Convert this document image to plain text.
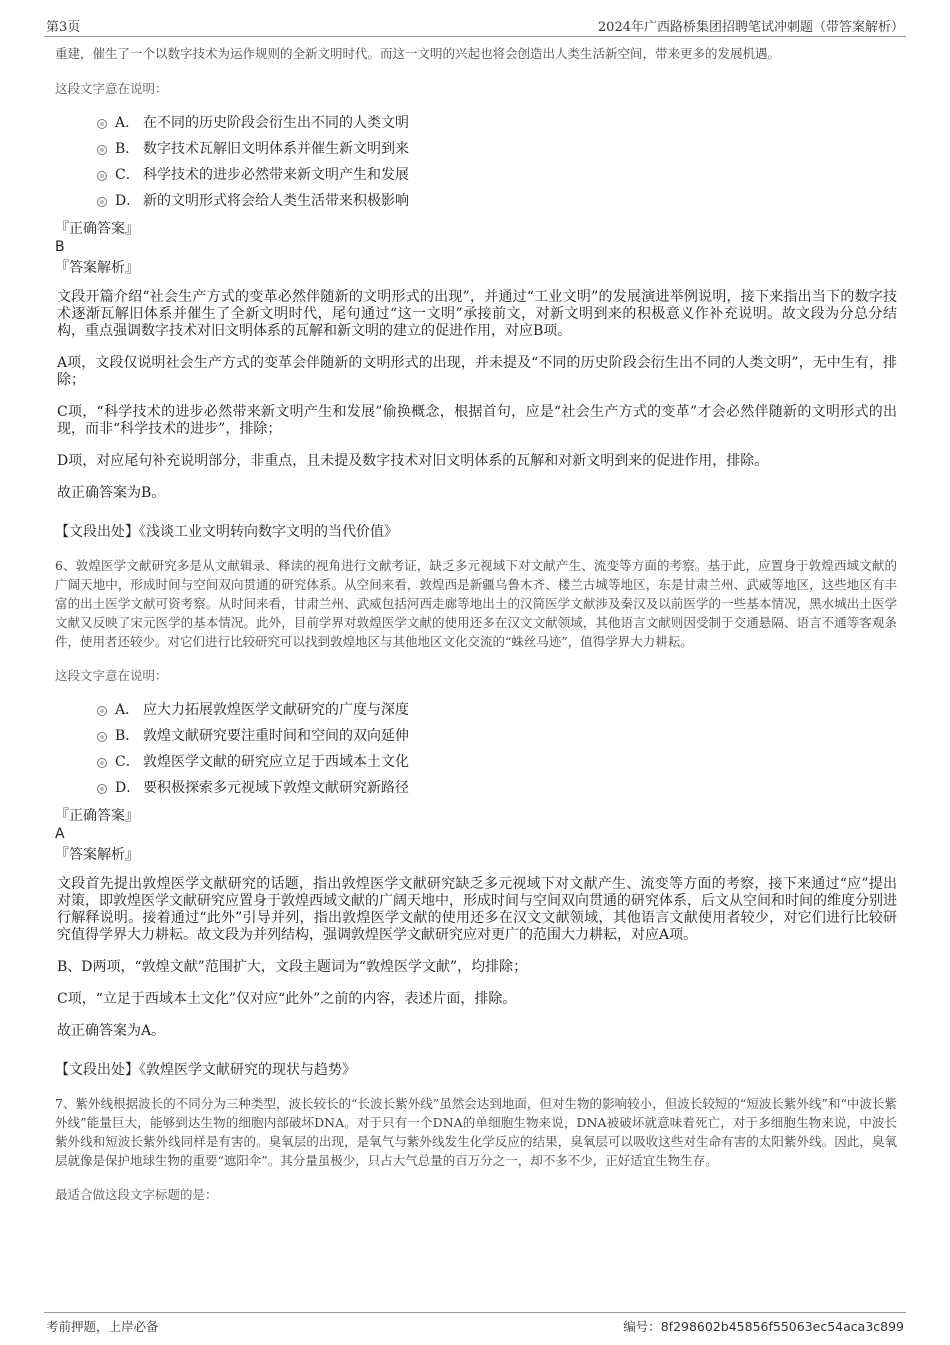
第3页	2024年广西路桥集团招聘笔试冲刺题（带答案解析）

重建，催生了一个以数字技术为运作规则的全新文明时代。而这一文明的兴起也将会创造出人类生活新空间，带来更多的发展机遇。

这段文字意在说明：

A． 在不同的历史阶段会衍生出不同的人类文明
B． 数字技术瓦解旧文明体系并催生新文明到来
C． 科学技术的进步必然带来新文明产生和发展
D． 新的文明形式将会给人类生活带来积极影响

『正确答案』

B

『答案解析』

文段开篇介绍“社会生产方式的变革必然伴随新的文明形式的出现”，并通过“工业文明”的发展演进举例说明，接下来指出当下的数字技术逐渐瓦解旧体系并催生了全新文明时代，尾句通过“这一文明”承接前文，对新文明到来的积极意义作补充说明。故文段为分总分结构，重点强调数字技术对旧文明体系的瓦解和新文明的建立的促进作用，对应B项。

A项，文段仅说明社会生产方式的变革会伴随新的文明形式的出现，并未提及“不同的历史阶段会衍生出不同的人类文明”，无中生有，排除；

C项，“科学技术的进步必然带来新文明产生和发展”偷换概念，根据首句，应是“社会生产方式的变革”才会必然伴随新的文明形式的出现，而非“科学技术的进步”，排除；

D项，对应尾句补充说明部分，非重点，且未提及数字技术对旧文明体系的瓦解和对新文明到来的促进作用，排除。

故正确答案为B。

【文段出处】《浅谈工业文明转向数字文明的当代价值》

6、敦煌医学文献研究多是从文献辑录、释读的视角进行文献考证，缺乏多元视域下对文献产生、流变等方面的考察。基于此，应置身于敦煌西域文献的广阔天地中，形成时间与空间双向贯通的研究体系。从空间来看，敦煌西是新疆乌鲁木齐、楼兰古城等地区，东是甘肃兰州、武威等地区，这些地区有丰富的出土医学文献可资考察。从时间来看，甘肃兰州、武威包括河西走廊等地出土的汉简医学文献涉及秦汉及以前医学的一些基本情况，黑水城出土医学文献又反映了宋元医学的基本情况。此外，目前学界对敦煌医学文献的使用还多在汉文文献领域，其他语言文献则因受制于交通悬隔、语言不通等客观条件，使用者还较少。对它们进行比较研究可以找到敦煌地区与其他地区文化交流的“蛛丝马迹”，值得学界大力耕耘。

这段文字意在说明：

A． 应大力拓展敦煌医学文献研究的广度与深度
B． 敦煌文献研究要注重时间和空间的双向延伸
C． 敦煌医学文献的研究应立足于西域本土文化
D． 要积极探索多元视域下敦煌文献研究新路径

『正确答案』

A

『答案解析』

文段首先提出敦煌医学文献研究的话题，指出敦煌医学文献研究缺乏多元视域下对文献产生、流变等方面的考察，接下来通过“应”提出对策，即敦煌医学文献研究应置身于敦煌西域文献的广阔天地中，形成时间与空间双向贯通的研究体系，后文从空间和时间的维度分别进行解释说明。接着通过“此外”引导并列，指出敦煌医学文献的使用还多在汉文文献领域，其他语言文献使用者较少，对它们进行比较研究值得学界大力耕耘。故文段为并列结构，强调敦煌医学文献研究应对更广的范围大力耕耘，对应A项。

B、D两项，“敦煌文献”范围扩大，文段主题词为“敦煌医学文献”，均排除；

C项，“立足于西域本土文化”仅对应“此外”之前的内容，表述片面，排除。

故正确答案为A。

【文段出处】《敦煌医学文献研究的现状与趋势》

7、紫外线根据波长的不同分为三种类型，波长较长的“长波长紫外线”虽然会达到地面，但对生物的影响较小，但波长较短的“短波长紫外线”和“中波长紫外线”能量巨大，能够到达生物的细胞内部破坏DNA。对于只有一个DNA的单细胞生物来说，DNA被破坏就意味着死亡，对于多细胞生物来说，中波长紫外线和短波长紫外线同样是有害的。臭氧层的出现，是氧气与紫外线发生化学反应的结果，臭氧层可以吸收这些对生命有害的太阳紫外线。因此，臭氧层就像是保护地球生物的重要“遮阳伞”。其分量虽极少，只占大气总量的百万分之一，却不多不少，正好适宜生物生存。

最适合做这段文字标题的是：

考前押题，上岸必备	编号：8f298602b45856f55063ec54aca3c899
